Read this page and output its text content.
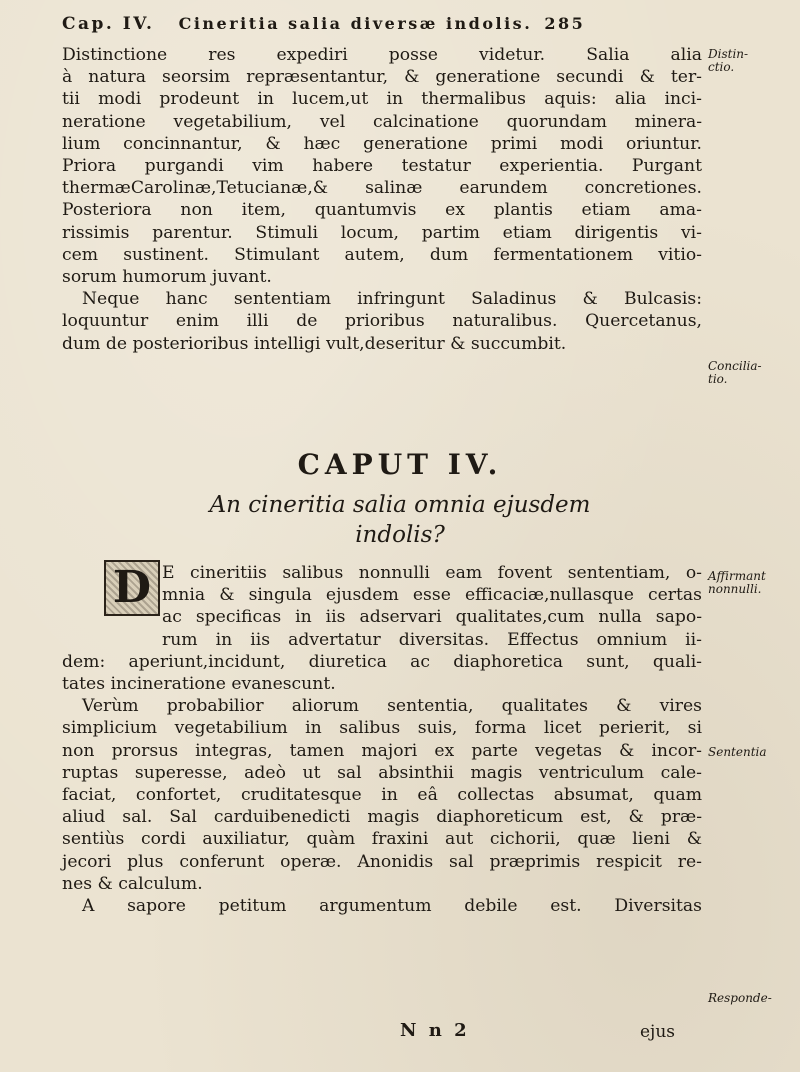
Cap. IV. Cineritia salia diversæ indolis. 285
Distinctione res expediri posse videtur. Salia alia
à natura seorsim repræsentantur, & generatione secundi & ter-
tii modi prodeunt in lucem,ut in thermalibus aquis: alia inci-
neratione vegetabilium, vel calcinatione quorundam minera-
lium concinnantur, & hæc generatione primi modi oriuntur.
Priora purgandi vim habere testatur experientia. Purgant
thermæCarolinæ,Tetucianæ,& salinæ earundem concretiones.
Posteriora non item, quantumvis ex plantis etiam ama-
rissimis parentur. Stimuli locum, partim etiam dirigentis vi-
cem sustinent. Stimulant autem, dum fermentationem vitio-
sorum humorum juvant.
Neque hanc sententiam infringunt Saladinus & Bulcasis:
loquuntur enim illi de prioribus naturalibus. Quercetanus,
dum de posterioribus intelligi vult,deseritur & succumbit.
Distin-
ctio.
Concilia-
tio.
Affirmant
nonnulli.
Sententia
Responde-
CAPUT IV.
An cineritia salia omnia ejusdem
indolis?
D E cineritiis salibus nonnulli eam fovent sententiam, o-
mnia & singula ejusdem esse efficaciæ,nullasque certas
ac specificas in iis adservari qualitates,cum nulla sapo-
rum in iis advertatur diversitas. Effectus omnium ii-
dem: aperiunt,incidunt, diuretica ac diaphoretica sunt, quali-
tates incineratione evanescunt.
Verùm probabilior aliorum sententia, qualitates & vires
simplicium vegetabilium in salibus suis, forma licet perierit, si
non prorsus integras, tamen majori ex parte vegetas & incor-
ruptas superesse, adeò ut sal absinthii magis ventriculum cale-
faciat, confortet, cruditatesque in eâ collectas absumat, quam
aliud sal. Sal carduibenedicti magis diaphoreticum est, & præ-
sentiùs cordi auxiliatur, quàm fraxini aut cichorii, quæ lieni &
jecori plus conferunt operæ. Anonidis sal præprimis respicit re-
nes & calculum.
A sapore petitum argumentum debile est. Diversitas
N n 2	ejus
